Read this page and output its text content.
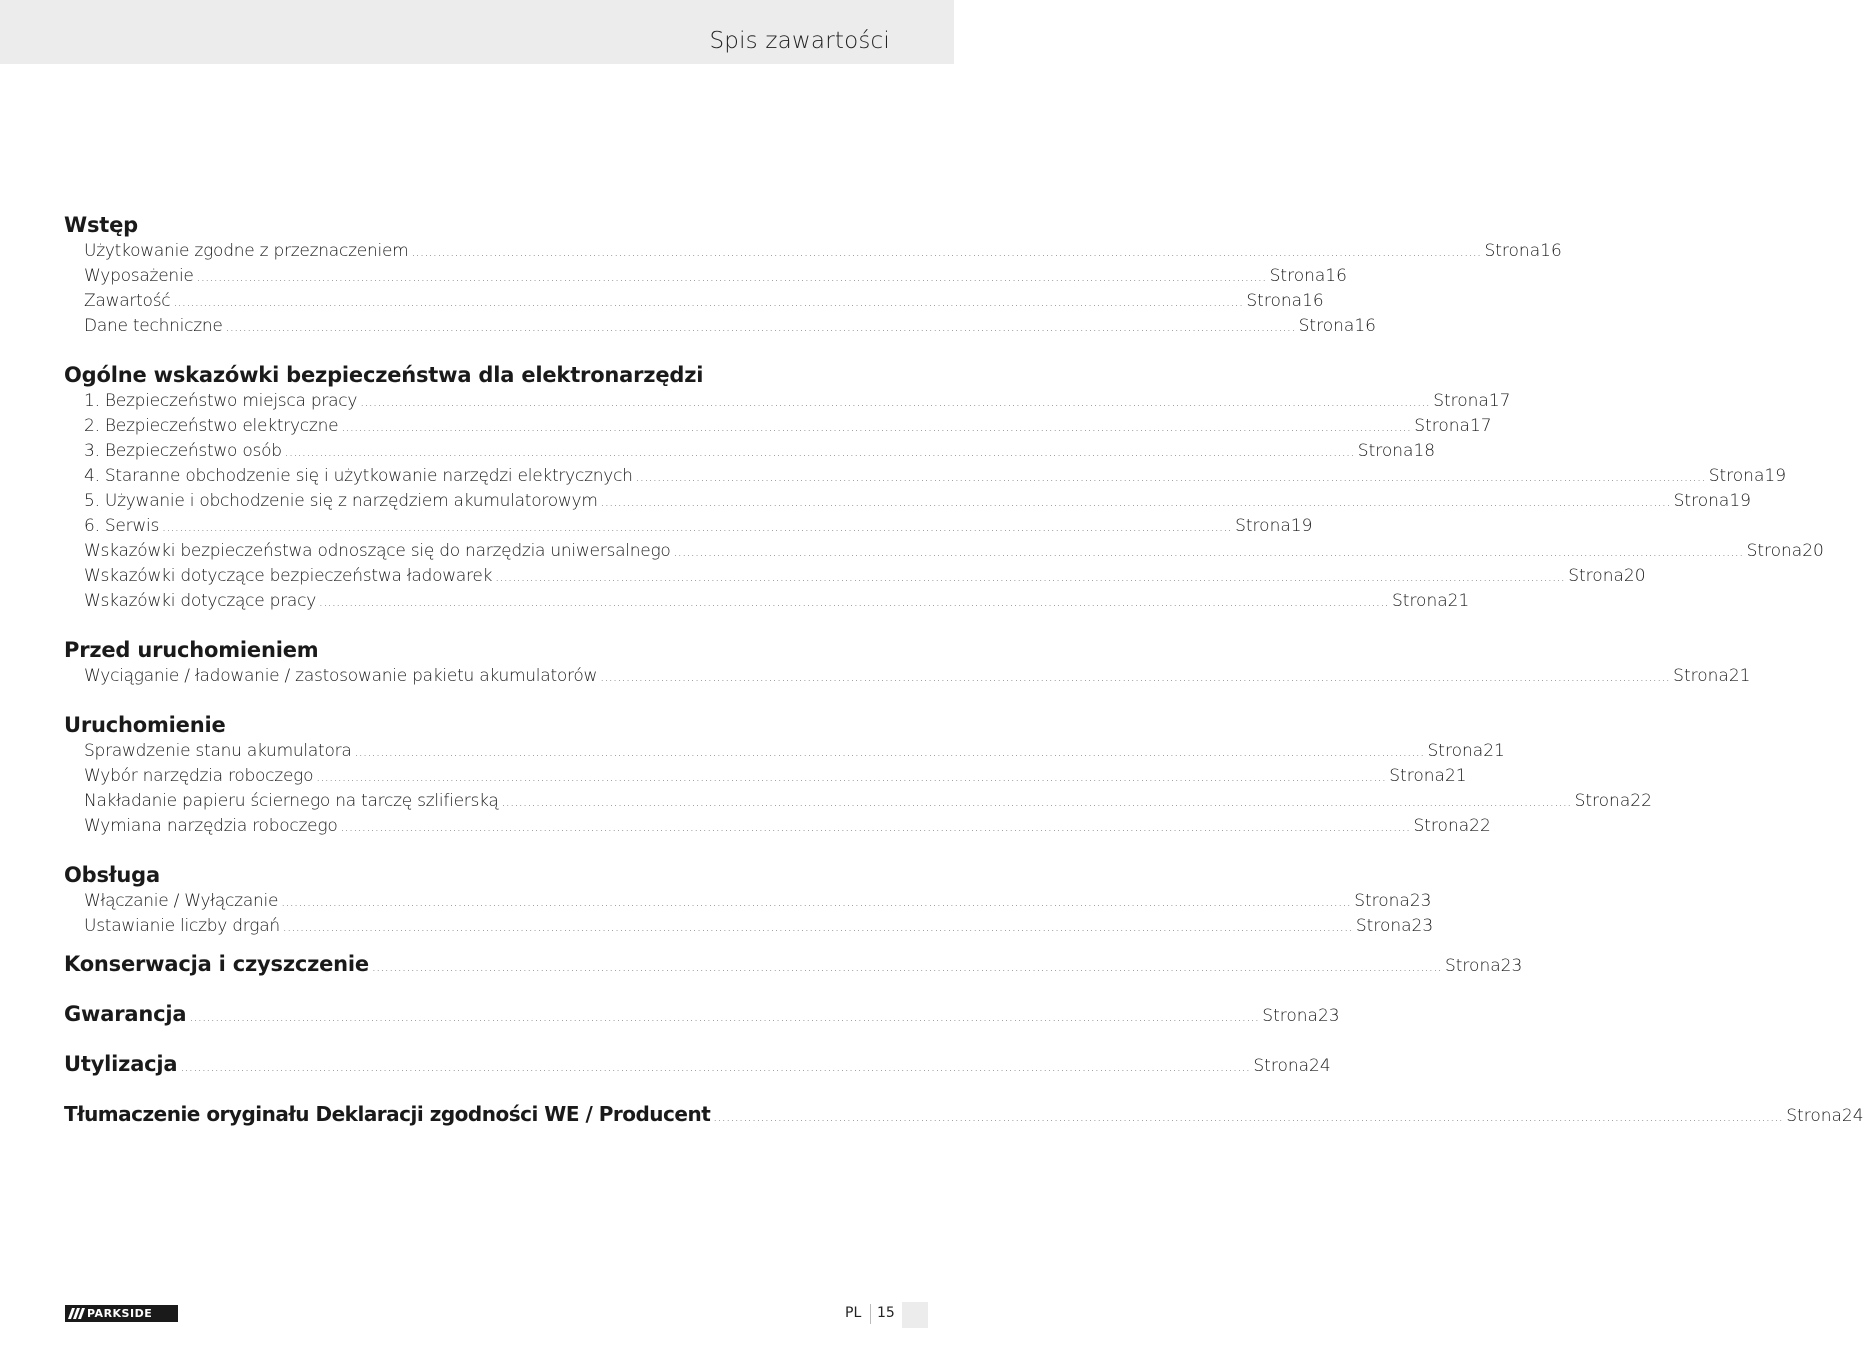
Spis zawartości
Wstęp
Użytkowanie zgodne z przeznaczeniem ........................................................................................................................................................................................................................................................ Strona 16
Wyposażenie ........................................................................................................................................................................................................................................................ Strona 16
Zawartość ........................................................................................................................................................................................................................................................ Strona 16
Dane techniczne ........................................................................................................................................................................................................................................................ Strona 16
Ogólne wskazówki bezpieczeństwa dla elektronarzędzi
1. Bezpieczeństwo miejsca pracy ........................................................................................................................................................................................................................................................ Strona 17
2. Bezpieczeństwo elektryczne ........................................................................................................................................................................................................................................................ Strona 17
3. Bezpieczeństwo osób ........................................................................................................................................................................................................................................................ Strona 18
4. Staranne obchodzenie się i użytkowanie narzędzi elektrycznych ........................................................................................................................................................................................................................................................ Strona 19
5. Używanie i obchodzenie się z narzędziem akumulatorowym ........................................................................................................................................................................................................................................................ Strona 19
6. Serwis ........................................................................................................................................................................................................................................................ Strona 19
Wskazówki bezpieczeństwa odnoszące się do narzędzia uniwersalnego ........................................................................................................................................................................................................................................................ Strona 20
Wskazówki dotyczące bezpieczeństwa ładowarek ........................................................................................................................................................................................................................................................ Strona 20
Wskazówki dotyczące pracy ........................................................................................................................................................................................................................................................ Strona 21
Przed uruchomieniem
Wyciąganie / ładowanie / zastosowanie pakietu akumulatorów ........................................................................................................................................................................................................................................................ Strona 21
Uruchomienie
Sprawdzenie stanu akumulatora ........................................................................................................................................................................................................................................................ Strona 21
Wybór narzędzia roboczego ........................................................................................................................................................................................................................................................ Strona 21
Nakładanie papieru ściernego na tarczę szlifierską ........................................................................................................................................................................................................................................................ Strona 22
Wymiana narzędzia roboczego ........................................................................................................................................................................................................................................................ Strona 22
Obsługa
Włączanie / Wyłączanie ........................................................................................................................................................................................................................................................ Strona 23
Ustawianie liczby drgań ........................................................................................................................................................................................................................................................ Strona 23
Konserwacja i czyszczenie ........................................................................................................................................................................................................................................................ Strona 23
Gwarancja ........................................................................................................................................................................................................................................................ Strona 23
Utylizacja ........................................................................................................................................................................................................................................................ Strona 24
Tłumaczenie oryginału Deklaracji zgodności WE / Producent ........................................................................................................................................................................................................................................................ Strona 24
PARKSIDE	PL 15
